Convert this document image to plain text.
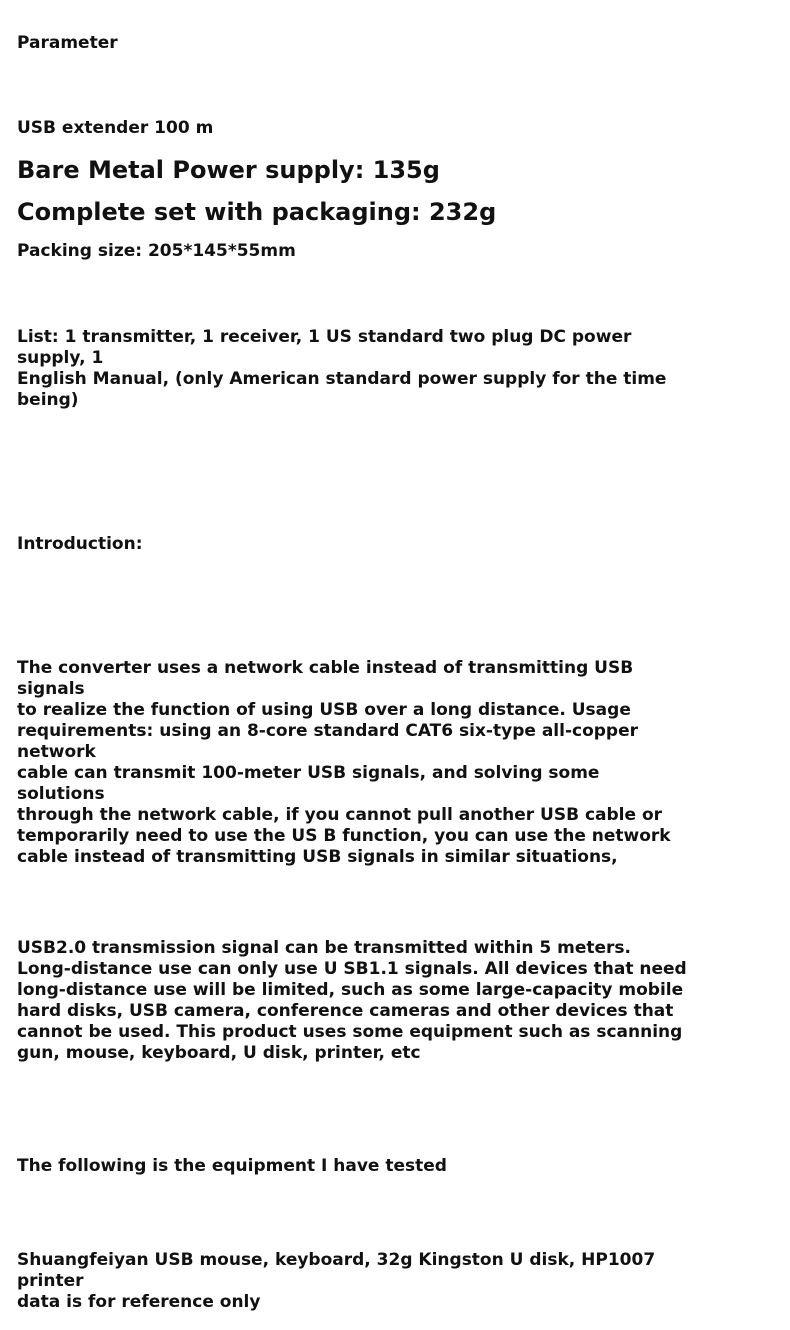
Parameter

USB extender 100 m

Bare Metal Power supply: 135g

Complete set with packaging: 232g

Packing size: 205*145*55mm

List: 1 transmitter, 1 receiver, 1 US standard two plug DC power supply, 1
English Manual, (only American standard power supply for the time
being)

Introduction:

The converter uses a network cable instead of transmitting USB signals
to realize the function of using USB over a long distance. Usage
requirements: using an 8-core standard CAT6 six-type all-copper network
cable can transmit 100-meter USB signals, and solving some solutions
through the network cable, if you cannot pull another USB cable or
temporarily need to use the US B function, you can use the network
cable instead of transmitting USB signals in similar situations,

USB2.0 transmission signal can be transmitted within 5 meters.
Long-distance use can only use U SB1.1 signals. All devices that need
long-distance use will be limited, such as some large-capacity mobile
hard disks, USB camera, conference cameras and other devices that
cannot be used. This product uses some equipment such as scanning
gun, mouse, keyboard, U disk, printer, etc

The following is the equipment I have tested

Shuangfeiyan USB mouse, keyboard, 32g Kingston U disk, HP1007 printer
data is for reference only
